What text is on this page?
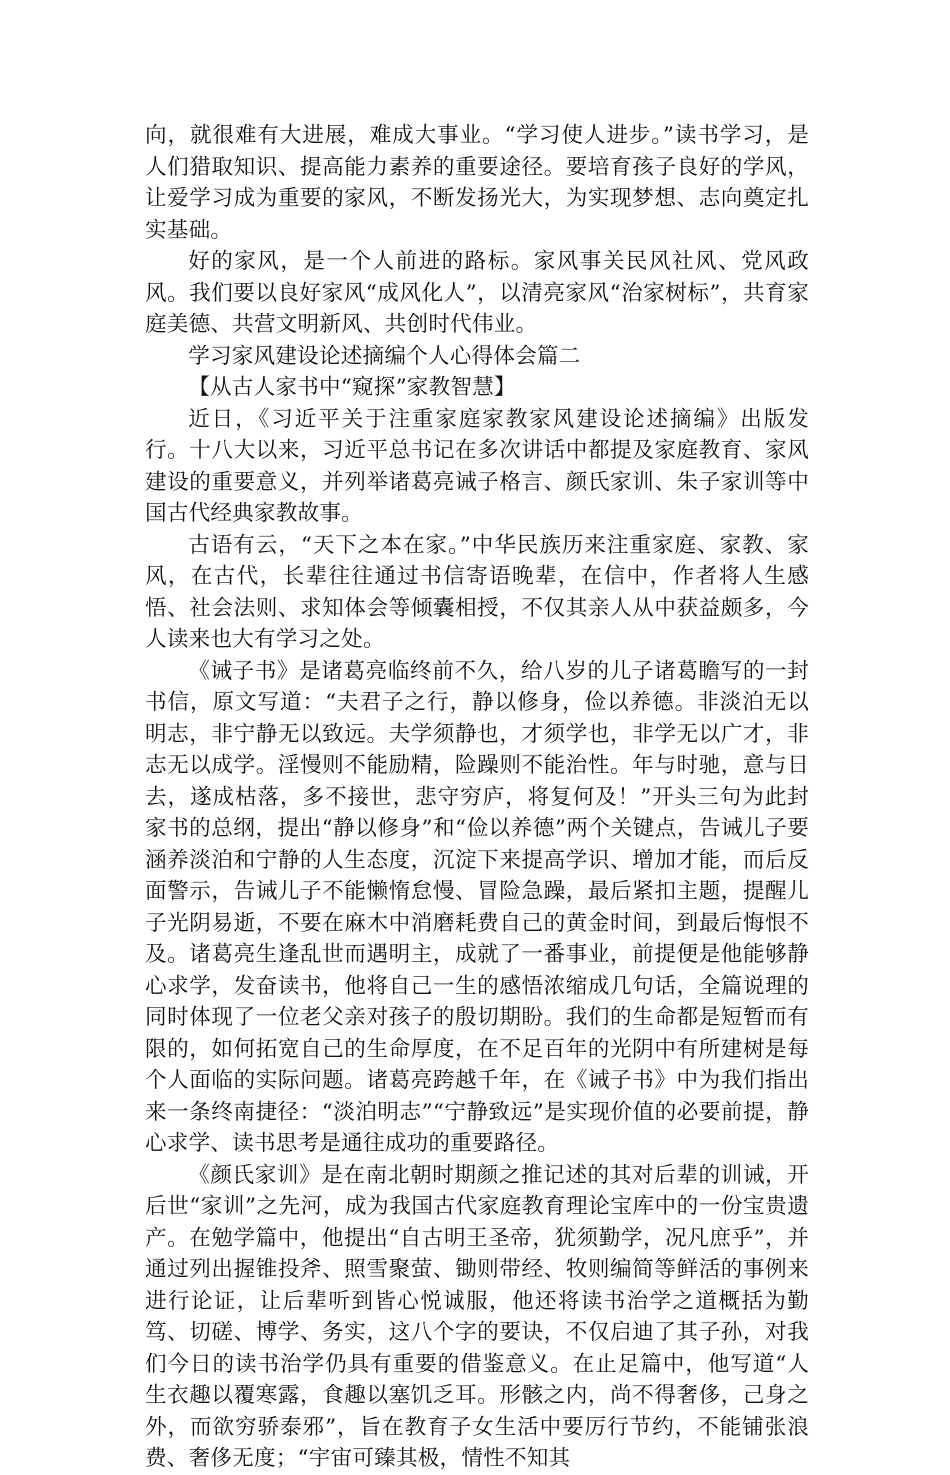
向，就很难有大进展，难成大事业。“学习使人进步。”读书学习，是人们猎取知识、提高能力素养的重要途径。要培育孩子良好的学风，让爱学习成为重要的家风，不断发扬光大，为实现梦想、志向奠定扎实基础。

好的家风，是一个人前进的路标。家风事关民风社风、党风政风。我们要以良好家风“成风化人”，以清亮家风“治家树标”，共育家庭美德、共营文明新风、共创时代伟业。

学习家风建设论述摘编个人心得体会篇二

【从古人家书中“窥探”家教智慧】

近日，《习近平关于注重家庭家教家风建设论述摘编》出版发行。十八大以来，习近平总书记在多次讲话中都提及家庭教育、家风建设的重要意义，并列举诸葛亮诫子格言、颜氏家训、朱子家训等中国古代经典家教故事。

古语有云，“天下之本在家。”中华民族历来注重家庭、家教、家风，在古代，长辈往往通过书信寄语晚辈，在信中，作者将人生感悟、社会法则、求知体会等倾囊相授，不仅其亲人从中获益颇多，今人读来也大有学习之处。

《诫子书》是诸葛亮临终前不久，给八岁的儿子诸葛瞻写的一封书信，原文写道：“夫君子之行，静以修身，俭以养德。非淡泊无以明志，非宁静无以致远。夫学须静也，才须学也，非学无以广才，非志无以成学。淫慢则不能励精，险躁则不能治性。年与时驰，意与日去，遂成枯落，多不接世，悲守穷庐，将复何及！”开头三句为此封家书的总纲，提出“静以修身”和“俭以养德”两个关键点，告诫儿子要涵养淡泊和宁静的人生态度，沉淀下来提高学识、增加才能，而后反面警示，告诫儿子不能懒惰怠慢、冒险急躁，最后紧扣主题，提醒儿子光阴易逝，不要在麻木中消磨耗费自己的黄金时间，到最后悔恨不及。诸葛亮生逢乱世而遇明主，成就了一番事业，前提便是他能够静心求学，发奋读书，他将自己一生的感悟浓缩成几句话，全篇说理的同时体现了一位老父亲对孩子的殷切期盼。我们的生命都是短暂而有限的，如何拓宽自己的生命厚度，在不足百年的光阴中有所建树是每个人面临的实际问题。诸葛亮跨越千年，在《诫子书》中为我们指出来一条终南捷径：“淡泊明志”“宁静致远”是实现价值的必要前提，静心求学、读书思考是通往成功的重要路径。

《颜氏家训》是在南北朝时期颜之推记述的其对后辈的训诫，开后世“家训”之先河，成为我国古代家庭教育理论宝库中的一份宝贵遗产。在勉学篇中，他提出“自古明王圣帝，犹须勤学，况凡庶乎”，并通过列出握锥投斧、照雪聚萤、锄则带经、牧则编简等鲜活的事例来进行论证，让后辈听到皆心悦诚服，他还将读书治学之道概括为勤笃、切磋、博学、务实，这八个字的要诀，不仅启迪了其子孙，对我们今日的读书治学仍具有重要的借鉴意义。在止足篇中，他写道“人生衣趣以覆寒露，食趣以塞饥乏耳。形骸之内，尚不得奢侈，己身之外，而欲穷骄泰邪”，旨在教育子女生活中要厉行节约，不能铺张浪费、奢侈无度；“宇宙可臻其极，情性不知其
